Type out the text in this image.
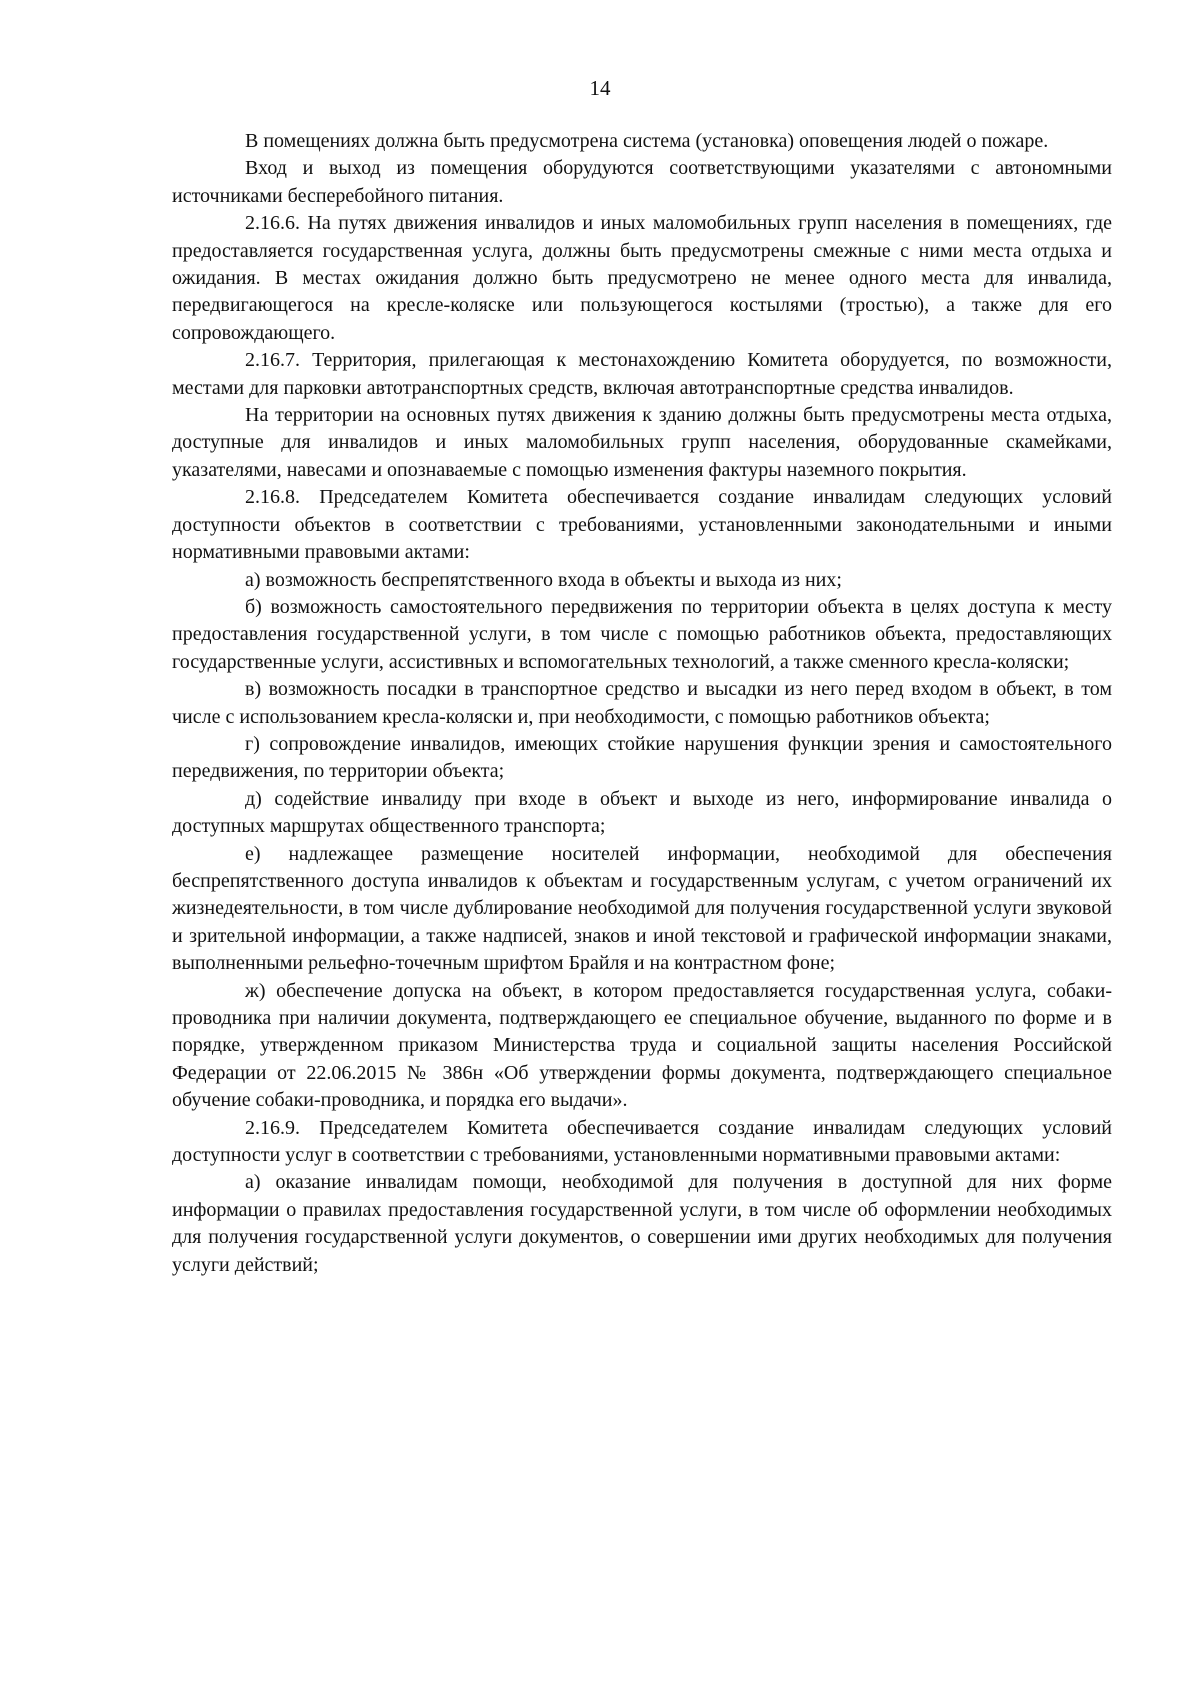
14

В помещениях должна быть предусмотрена система (установка) оповещения людей о пожаре.

Вход и выход из помещения оборудуются соответствующими указателями с автономными источниками бесперебойного питания.

2.16.6. На путях движения инвалидов и иных маломобильных групп населения в помещениях, где предоставляется государственная услуга, должны быть предусмотрены смежные с ними места отдыха и ожидания. В местах ожидания должно быть предусмотрено не менее одного места для инвалида, передвигающегося на кресле-коляске или пользующегося костылями (тростью), а также для его сопровождающего.

2.16.7. Территория, прилегающая к местонахождению Комитета оборудуется, по возможности, местами для парковки автотранспортных средств, включая автотранспортные средства инвалидов.

На территории на основных путях движения к зданию должны быть предусмотрены места отдыха, доступные для инвалидов и иных маломобильных групп населения, оборудованные скамейками, указателями, навесами и опознаваемые с помощью изменения фактуры наземного покрытия.

2.16.8. Председателем Комитета обеспечивается создание инвалидам следующих условий доступности объектов в соответствии с требованиями, установленными законодательными и иными нормативными правовыми актами:

а) возможность беспрепятственного входа в объекты и выхода из них;

б) возможность самостоятельного передвижения по территории объекта в целях доступа к месту предоставления государственной услуги, в том числе с помощью работников объекта, предоставляющих государственные услуги, ассистивных и вспомогательных технологий, а также сменного кресла-коляски;

в) возможность посадки в транспортное средство и высадки из него перед входом в объект, в том числе с использованием кресла-коляски и, при необходимости, с помощью работников объекта;

г) сопровождение инвалидов, имеющих стойкие нарушения функции зрения и самостоятельного передвижения, по территории объекта;

д) содействие инвалиду при входе в объект и выходе из него, информирование инвалида о доступных маршрутах общественного транспорта;

е) надлежащее размещение носителей информации, необходимой для обеспечения беспрепятственного доступа инвалидов к объектам и государственным услугам, с учетом ограничений их жизнедеятельности, в том числе дублирование необходимой для получения государственной услуги звуковой и зрительной информации, а также надписей, знаков и иной текстовой и графической информации знаками, выполненными рельефно-точечным шрифтом Брайля и на контрастном фоне;

ж) обеспечение допуска на объект, в котором предоставляется государственная услуга, собаки-проводника при наличии документа, подтверждающего ее специальное обучение, выданного по форме и в порядке, утвержденном приказом Министерства труда и социальной защиты населения Российской Федерации от 22.06.2015 № 386н «Об утверждении формы документа, подтверждающего специальное обучение собаки-проводника, и порядка его выдачи».

2.16.9. Председателем Комитета обеспечивается создание инвалидам следующих условий доступности услуг в соответствии с требованиями, установленными нормативными правовыми актами:

а) оказание инвалидам помощи, необходимой для получения в доступной для них форме информации о правилах предоставления государственной услуги, в том числе об оформлении необходимых для получения государственной услуги документов, о совершении ими других необходимых для получения услуги действий;
